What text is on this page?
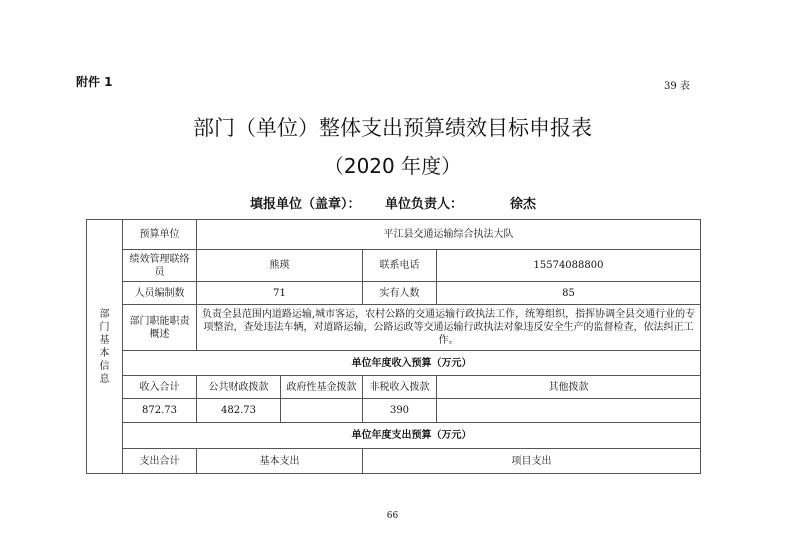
附件 1	39 表
部门（单位）整体支出预算绩效目标申报表
（2020 年度）
填报单位（盖章）： 单位负责人：	徐杰
部门基本信息	预算单位	平江县交通运输综合执法大队			
	绩效管理联络员	熊瑛		联系电话	15574088800
	人员编制数	71		实有人数	85
	部门职能职责概述	负责全县范围内道路运输,城市客运，农村公路的交通运输行政执法工作，统筹组织，指挥协调全县交通行业的专项整治，查处违法车辆，对道路运输，公路运政等交通运输行政执法对象违反安全生产的监督检查，依法纠正工作。			
	单位年度收入预算（万元）				
	收入合计	公共财政拨款	政府性基金拨款	非税收入拨款	其他拨款
	872.73	482.73		390	
	单位年度支出预算（万元）				
	支出合计	基本支出		项目支出	
66
